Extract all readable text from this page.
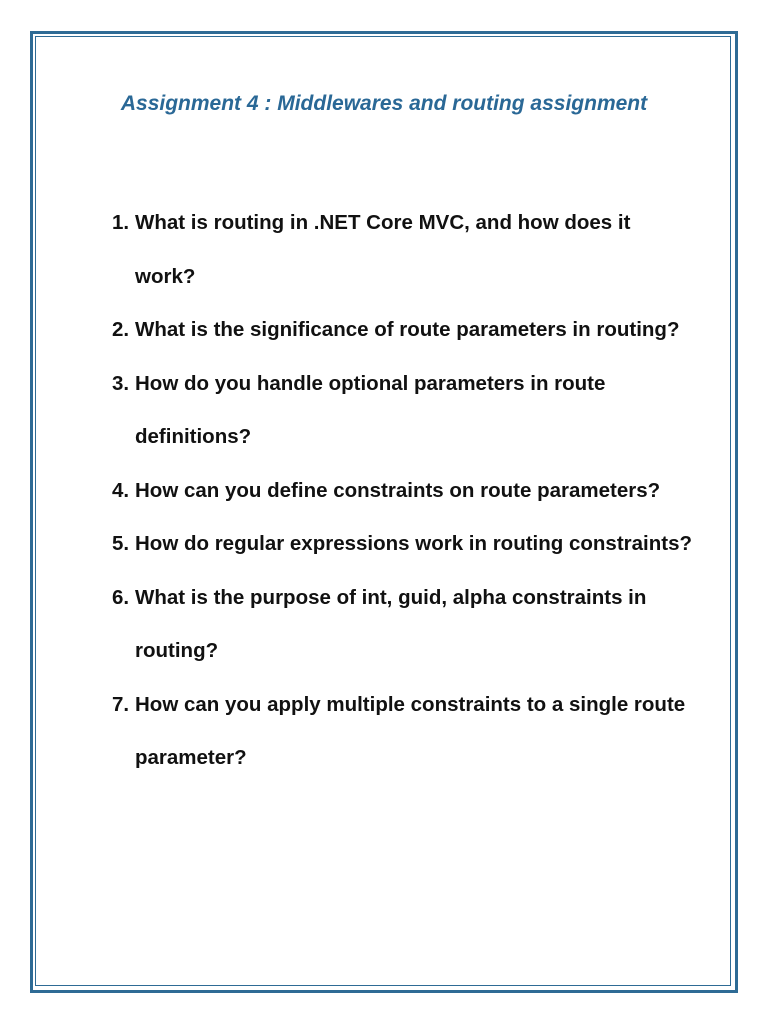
Assignment 4 : Middlewares and routing assignment
1. What is routing in .NET Core MVC, and how does it work?
2. What is the significance of route parameters in routing?
3. How do you handle optional parameters in route definitions?
4. How can you define constraints on route parameters?
5. How do regular expressions work in routing constraints?
6. What is the purpose of int, guid, alpha constraints in routing?
7. How can you apply multiple constraints to a single route parameter?
